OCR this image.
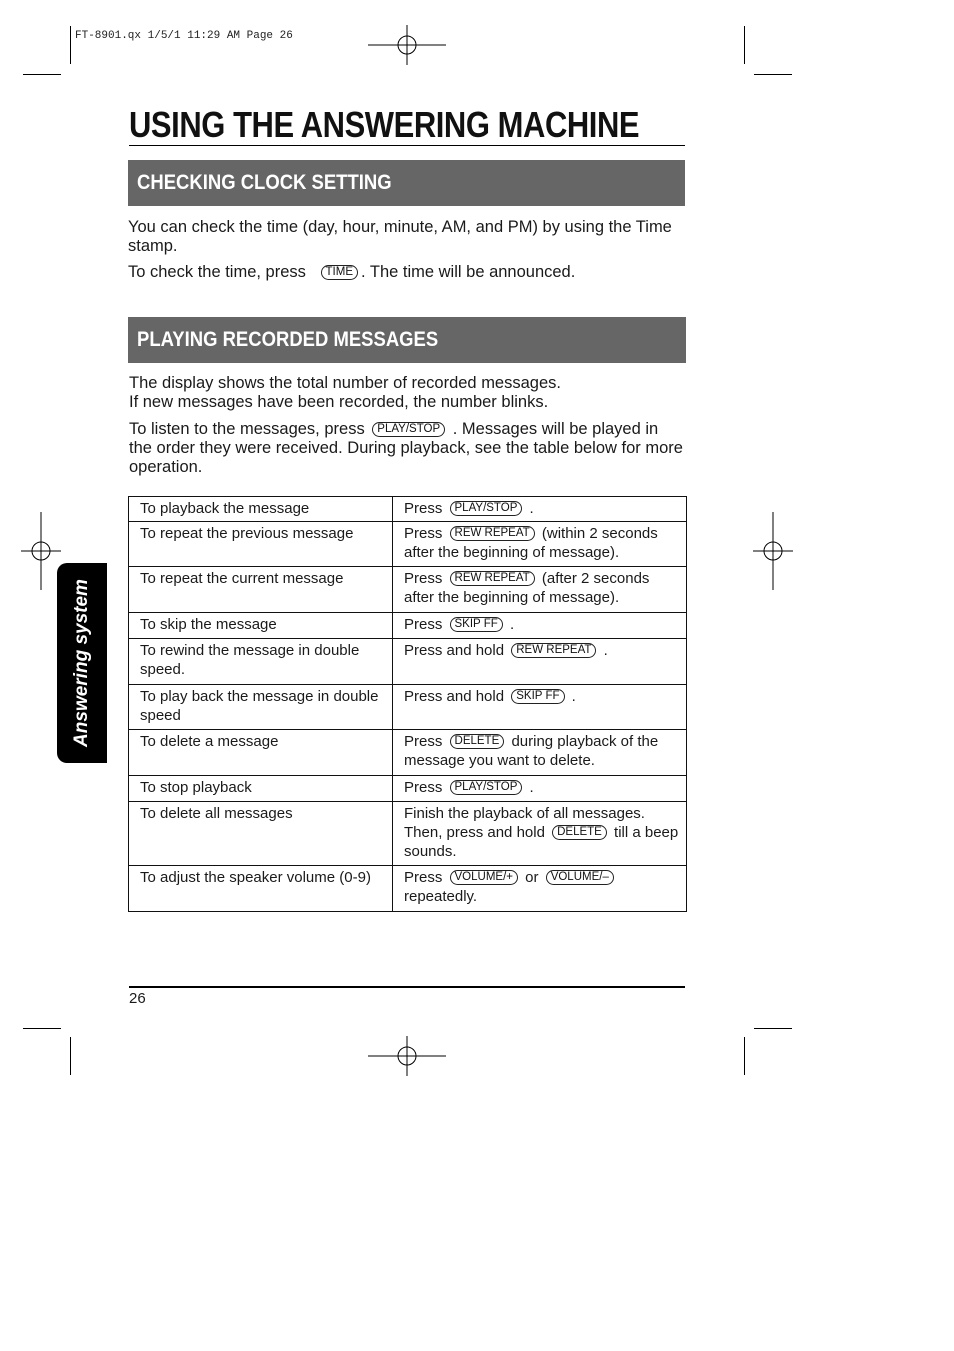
FT-8901.qx 1/5/1 11:29 AM Page 26
USING THE ANSWERING MACHINE
CHECKING CLOCK SETTING
You can check the time (day, hour, minute, AM, and PM) by using the Time stamp.
To check the time, press TIME . The time will be announced.
PLAYING RECORDED MESSAGES
The display shows the total number of recorded messages.
If new messages have been recorded, the number blinks.
To listen to the messages, press PLAY/STOP . Messages will be played in the order they were received. During playback, see the table below for more operation.
To playback the message	Press PLAY/STOP .
To repeat the previous message	Press REW REPEAT (within 2 seconds after the beginning of message).
To repeat the current message	Press REW REPEAT (after 2 seconds after the beginning of message).
To skip the message	Press SKIP FF .
To rewind the message in double speed.	Press and hold REW REPEAT .
To play back the message in double speed	Press and hold SKIP FF .
To delete a message	Press DELETE during playback of the message you want to delete.
To stop playback	Press PLAY/STOP .
To delete all messages	Finish the playback of all messages. Then, press and hold DELETE till a beep sounds.
To adjust the speaker volume (0-9)	Press VOLUME/+ or VOLUME/– repeatedly.
Answering system
26
